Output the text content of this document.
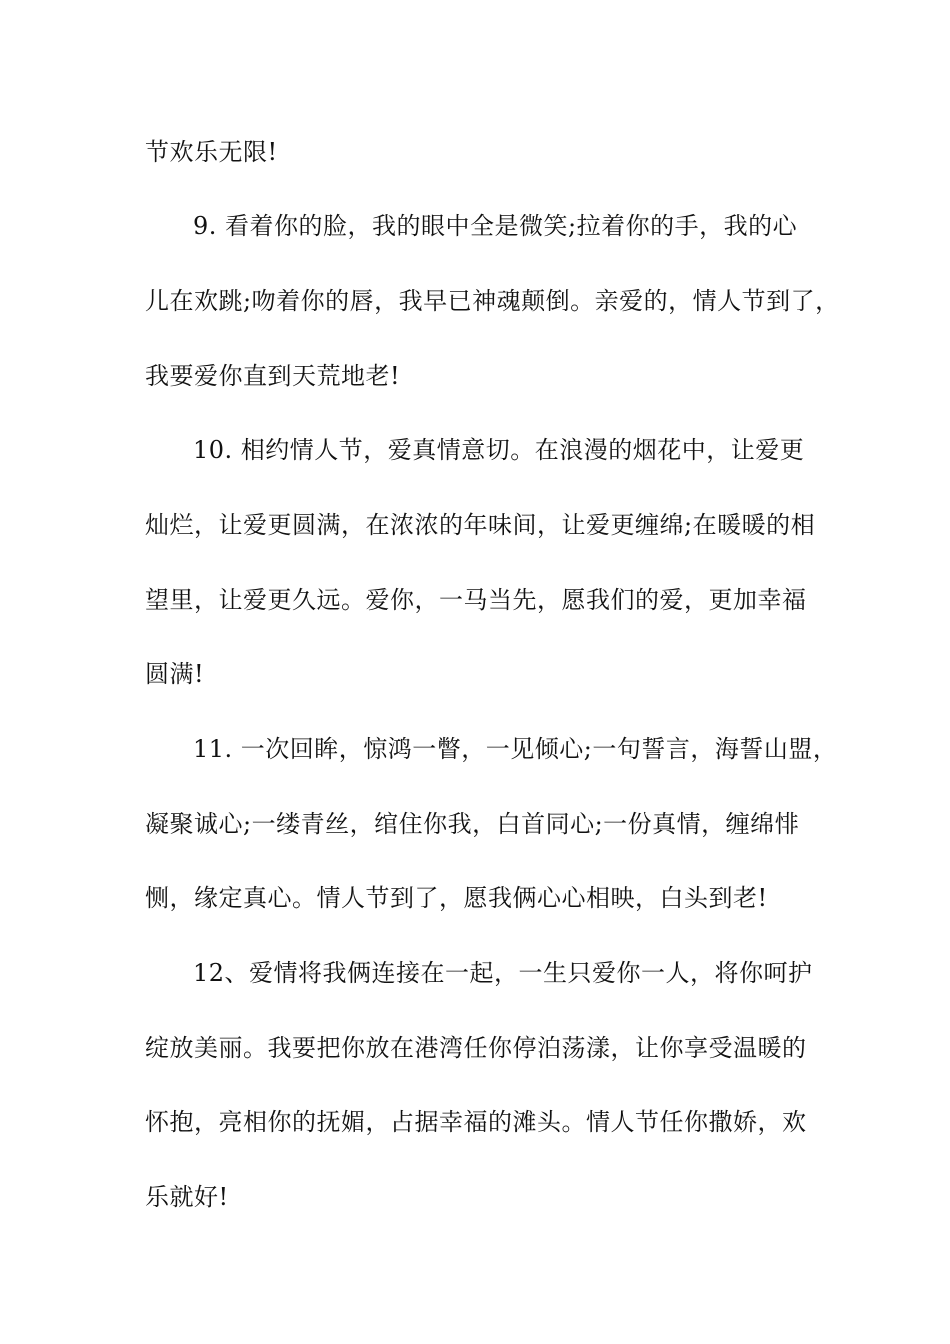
节欢乐无限!
9. 看着你的脸，我的眼中全是微笑;拉着你的手，我的心
儿在欢跳;吻着你的唇，我早已神魂颠倒。亲爱的，情人节到了，
我要爱你直到天荒地老!
10. 相约情人节，爱真情意切。在浪漫的烟花中，让爱更
灿烂，让爱更圆满，在浓浓的年味间，让爱更缠绵;在暖暖的相
望里，让爱更久远。爱你，一马当先，愿我们的爱，更加幸福
圆满!
11. 一次回眸，惊鸿一瞥，一见倾心;一句誓言，海誓山盟，
凝聚诚心;一缕青丝，绾住你我，白首同心;一份真情，缠绵悱
恻，缘定真心。情人节到了，愿我俩心心相映，白头到老!
12、爱情将我俩连接在一起，一生只爱你一人，将你呵护
绽放美丽。我要把你放在港湾任你停泊荡漾，让你享受温暖的
怀抱，亮相你的抚媚，占据幸福的滩头。情人节任你撒娇，欢
乐就好!
